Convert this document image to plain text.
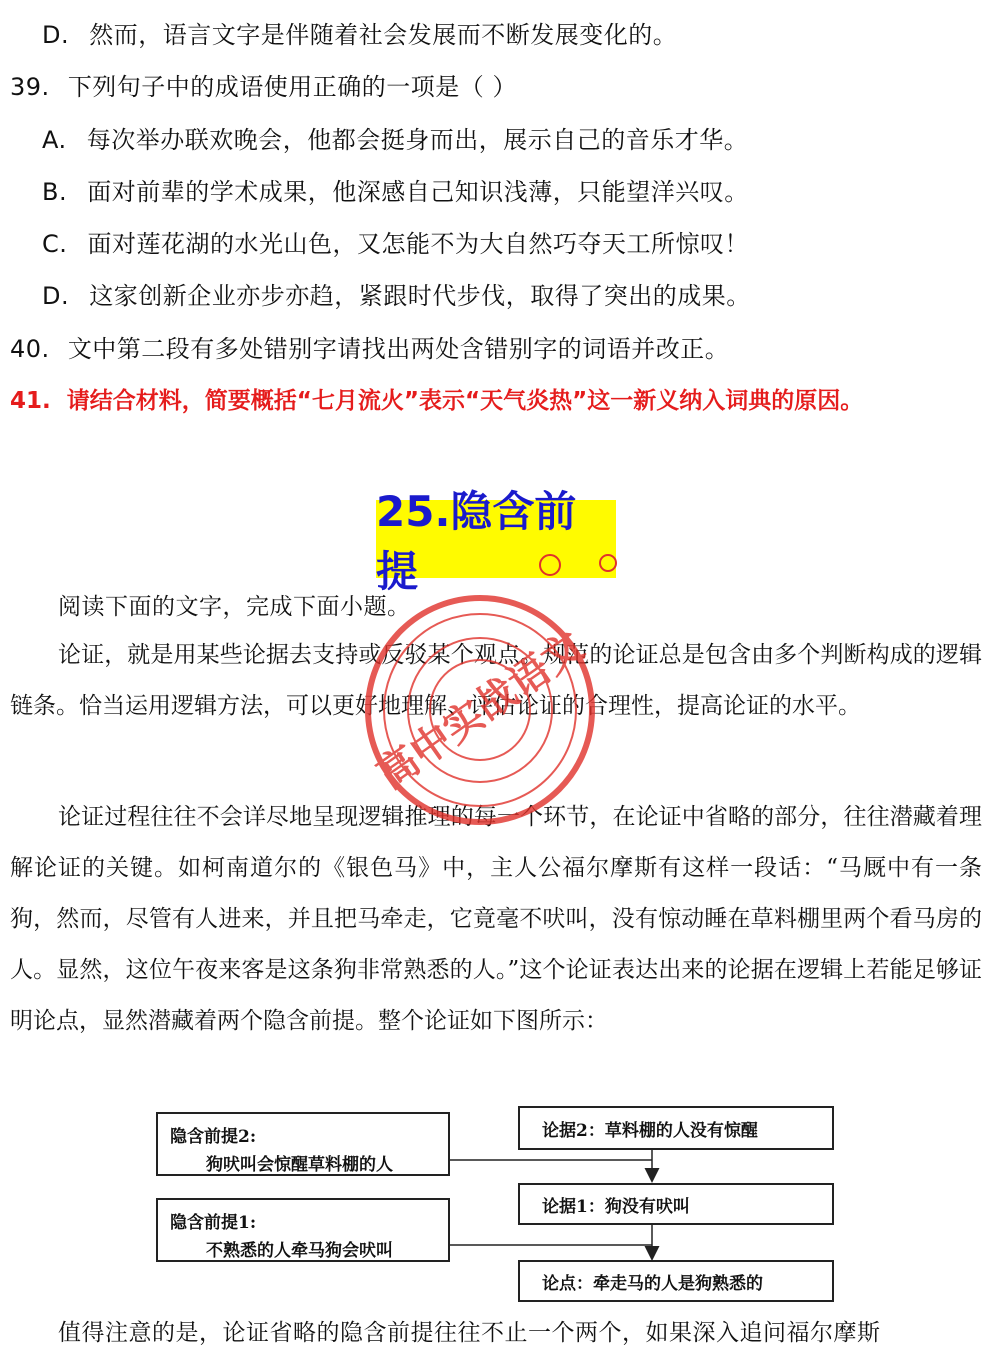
D. 然而，语言文字是伴随着社会发展而不断发展变化的。
39. 下列句子中的成语使用正确的一项是（ ）
A. 每次举办联欢晚会，他都会挺身而出，展示自己的音乐才华。
B. 面对前辈的学术成果，他深感自己知识浅薄，只能望洋兴叹。
C. 面对莲花湖的水光山色，又怎能不为大自然巧夺天工所惊叹！
D. 这家创新企业亦步亦趋，紧跟时代步伐，取得了突出的成果。
40. 文中第二段有多处错别字请找出两处含错别字的词语并改正。
41. 请结合材料，简要概括“七月流火”表示“天气炎热”这一新义纳入词典的原因。
25.隐含前提
阅读下面的文字，完成下面小题。

论证，就是用某些论据去支持或反驳某个观点。规范的论证总是包含由多个判断构成的逻辑链条。恰当运用逻辑方法，可以更好地理解、评估论证的合理性，提高论证的水平。

论证过程往往不会详尽地呈现逻辑推理的每一个环节，在论证中省略的部分，往往潜藏着理解论证的关键。如柯南道尔的《银色马》中，主人公福尔摩斯有这样一段话：“马厩中有一条狗，然而，尽管有人进来，并且把马牵走，它竟毫不吠叫，没有惊动睡在草料棚里两个看马房的人。显然，这位午夜来客是这条狗非常熟悉的人。”这个论证表达出来的论据在逻辑上若能足够证明论点，显然潜藏着两个隐含前提。整个论证如下图所示：

隐含前提2:
狗吠叫会惊醒草料棚的人
隐含前提1:
不熟悉的人牵马狗会吠叫
论据2：草料棚的人没有惊醒
论据1：狗没有吠叫
论点：牵走马的人是狗熟悉的
值得注意的是，论证省略的隐含前提往往不止一个两个，如果深入追问福尔摩斯
高中实战语文
